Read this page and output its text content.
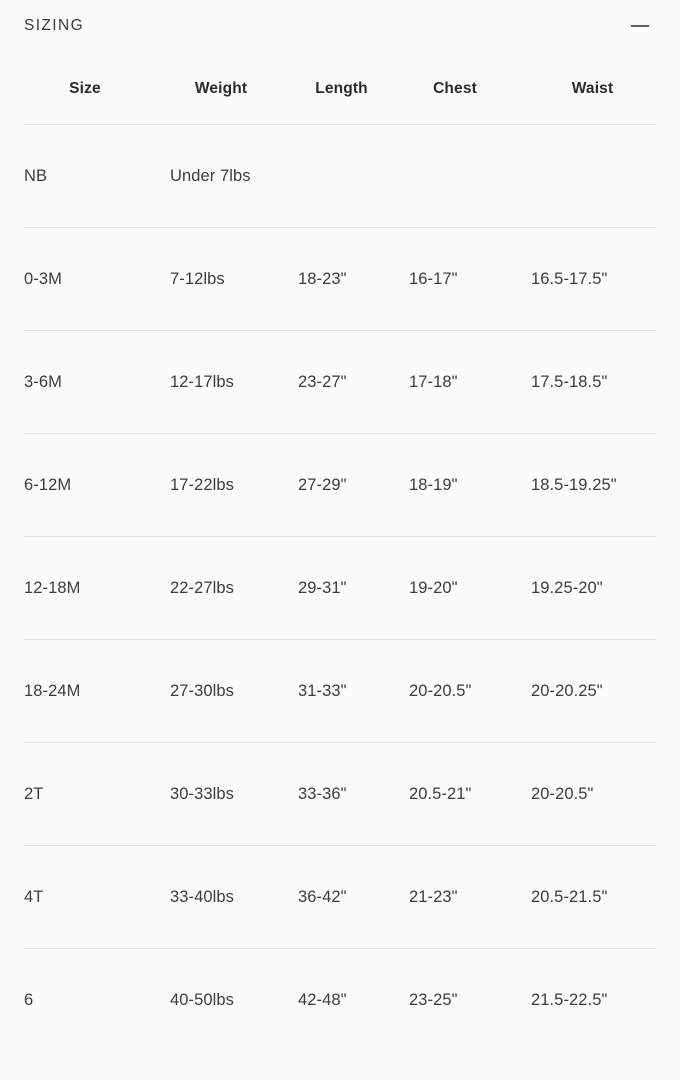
SIZING
Size	Weight	Length	Chest	Waist
NB	Under 7lbs			
0-3M	7-12lbs	18-23"	16-17"	16.5-17.5"
3-6M	12-17lbs	23-27"	17-18"	17.5-18.5"
6-12M	17-22lbs	27-29"	18-19"	18.5-19.25"
12-18M	22-27lbs	29-31"	19-20"	19.25-20"
18-24M	27-30lbs	31-33"	20-20.5"	20-20.25"
2T	30-33lbs	33-36"	20.5-21"	20-20.5"
4T	33-40lbs	36-42"	21-23"	20.5-21.5"
6	40-50lbs	42-48"	23-25"	21.5-22.5"
